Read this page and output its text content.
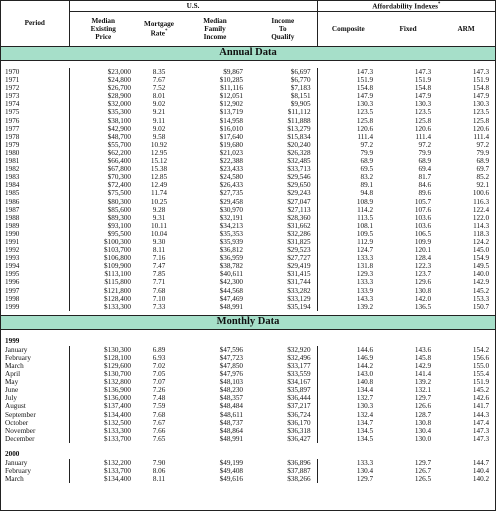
Period	U.S.				Affordability Indexes*
	Median
Existing
Price	Mortgage
Rate*	Median
Family
Income	Income
To
Qualify	Composite	Fixed	ARM
Annual Data							

1970	$23,000	8.35	$9,867	$6,697	147.3	147.3	147.3
1971	$24,800	7.67	$10,285	$6,770	151.9	151.9	151.9
1972	$26,700	7.52	$11,116	$7,183	154.8	154.8	154.8
1973	$28,900	8.01	$12,051	$8,151	147.9	147.9	147.9
1974	$32,000	9.02	$12,902	$9,905	130.3	130.3	130.3
1975	$35,300	9.21	$13,719	$11,112	123.5	123.5	123.5
1976	$38,100	9.11	$14,958	$11,888	125.8	125.8	125.8
1977	$42,900	9.02	$16,010	$13,279	120.6	120.6	120.6
1978	$48,700	9.58	$17,640	$15,834	111.4	111.4	111.4
1979	$55,700	10.92	$19,680	$20,240	97.2	97.2	97.2
1980	$62,200	12.95	$21,023	$26,328	79.9	79.9	79.9
1981	$66,400	15.12	$22,388	$32,485	68.9	68.9	68.9
1982	$67,800	15.38	$23,433	$33,713	69.5	69.4	69.7
1983	$70,300	12.85	$24,580	$29,546	83.2	81.7	85.2
1984	$72,400	12.49	$26,433	$29,650	89.1	84.6	92.1
1985	$75,500	11.74	$27,735	$29,243	94.8	89.6	100.6
1986	$80,300	10.25	$29,458	$27,047	108.9	105.7	116.3
1987	$85,600	9.28	$30,970	$27,113	114.2	107.6	122.4
1988	$89,300	9.31	$32,191	$28,360	113.5	103.6	122.0
1989	$93,100	10.11	$34,213	$31,662	108.1	103.6	114.3
1990	$95,500	10.04	$35,353	$32,286	109.5	106.5	118.3
1991	$100,300	9.30	$35,939	$31,825	112.9	109.9	124.2
1992	$103,700	8.11	$36,812	$29,523	124.7	120.1	145.0
1993	$106,800	7.16	$36,959	$27,727	133.3	128.4	154.9
1994	$109,900	7.47	$38,782	$29,419	131.8	122.3	149.5
1995	$113,100	7.85	$40,611	$31,415	129.3	123.7	140.0
1996	$115,800	7.71	$42,300	$31,744	133.3	129.6	142.9
1997	$121,800	7.68	$44,568	$33,282	133.9	130.8	145.2
1998	$128,400	7.10	$47,469	$33,129	143.3	142.0	153.3
1999	$133,300	7.33	$48,991	$35,194	139.2	136.5	150.7

Monthly Data							

1999							
January	$130,300	6.89	$47,596	$32,920	144.6	143.6	154.2
February	$128,100	6.93	$47,723	$32,496	146.9	145.8	156.6
March	$129,600	7.02	$47,850	$33,177	144.2	142.9	155.0
April	$130,700	7.05	$47,976	$33,559	143.0	141.4	155.4
May	$132,800	7.07	$48,103	$34,167	140.8	139.2	151.9
June	$136,900	7.26	$48,230	$35,897	134.4	132.1	145.2
July	$136,000	7.48	$48,357	$36,444	132.7	129.7	142.6
August	$137,400	7.59	$48,484	$37,217	130.3	126.6	141.7
September	$134,400	7.68	$48,611	$36,724	132.4	128.7	144.3
October	$132,500	7.67	$48,737	$36,170	134.7	130.8	147.4
November	$133,300	7.66	$48,864	$36,318	134.5	130.4	147.3
December	$133,700	7.65	$48,991	$36,427	134.5	130.0	147.3

2000							
January	$132,200	7.90	$49,199	$36,896	133.3	129.7	144.7
February	$133,700	8.06	$49,408	$37,887	130.4	126.7	140.4
March	$134,400	8.11	$49,616	$38,266	129.7	126.5	140.2
